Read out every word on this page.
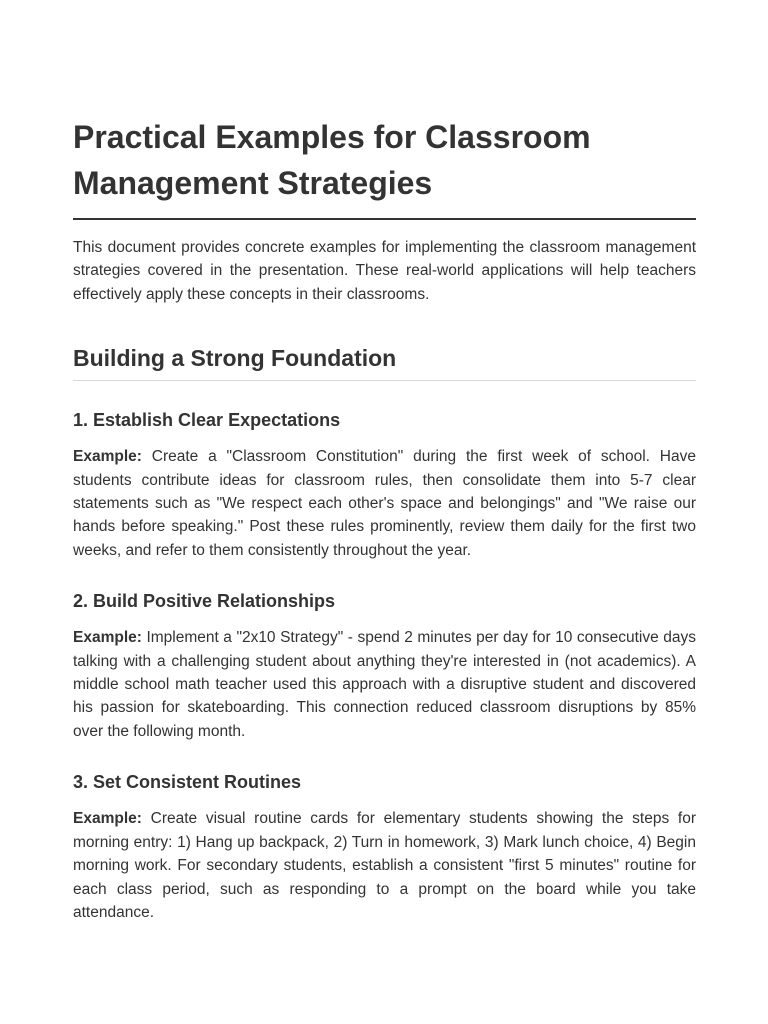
Practical Examples for Classroom Management Strategies

This document provides concrete examples for implementing the classroom management strategies covered in the presentation. These real-world applications will help teachers effectively apply these concepts in their classrooms.

Building a Strong Foundation
1. Establish Clear Expectations

Example: Create a "Classroom Constitution" during the first week of school. Have students contribute ideas for classroom rules, then consolidate them into 5-7 clear statements such as "We respect each other's space and belongings" and "We raise our hands before speaking." Post these rules prominently, review them daily for the first two weeks, and refer to them consistently throughout the year.

2. Build Positive Relationships

Example: Implement a "2x10 Strategy" - spend 2 minutes per day for 10 consecutive days talking with a challenging student about anything they're interested in (not academics). A middle school math teacher used this approach with a disruptive student and discovered his passion for skateboarding. This connection reduced classroom disruptions by 85% over the following month.

3. Set Consistent Routines

Example: Create visual routine cards for elementary students showing the steps for morning entry: 1) Hang up backpack, 2) Turn in homework, 3) Mark lunch choice, 4) Begin morning work. For secondary students, establish a consistent "first 5 minutes" routine for each class period, such as responding to a prompt on the board while you take attendance.
